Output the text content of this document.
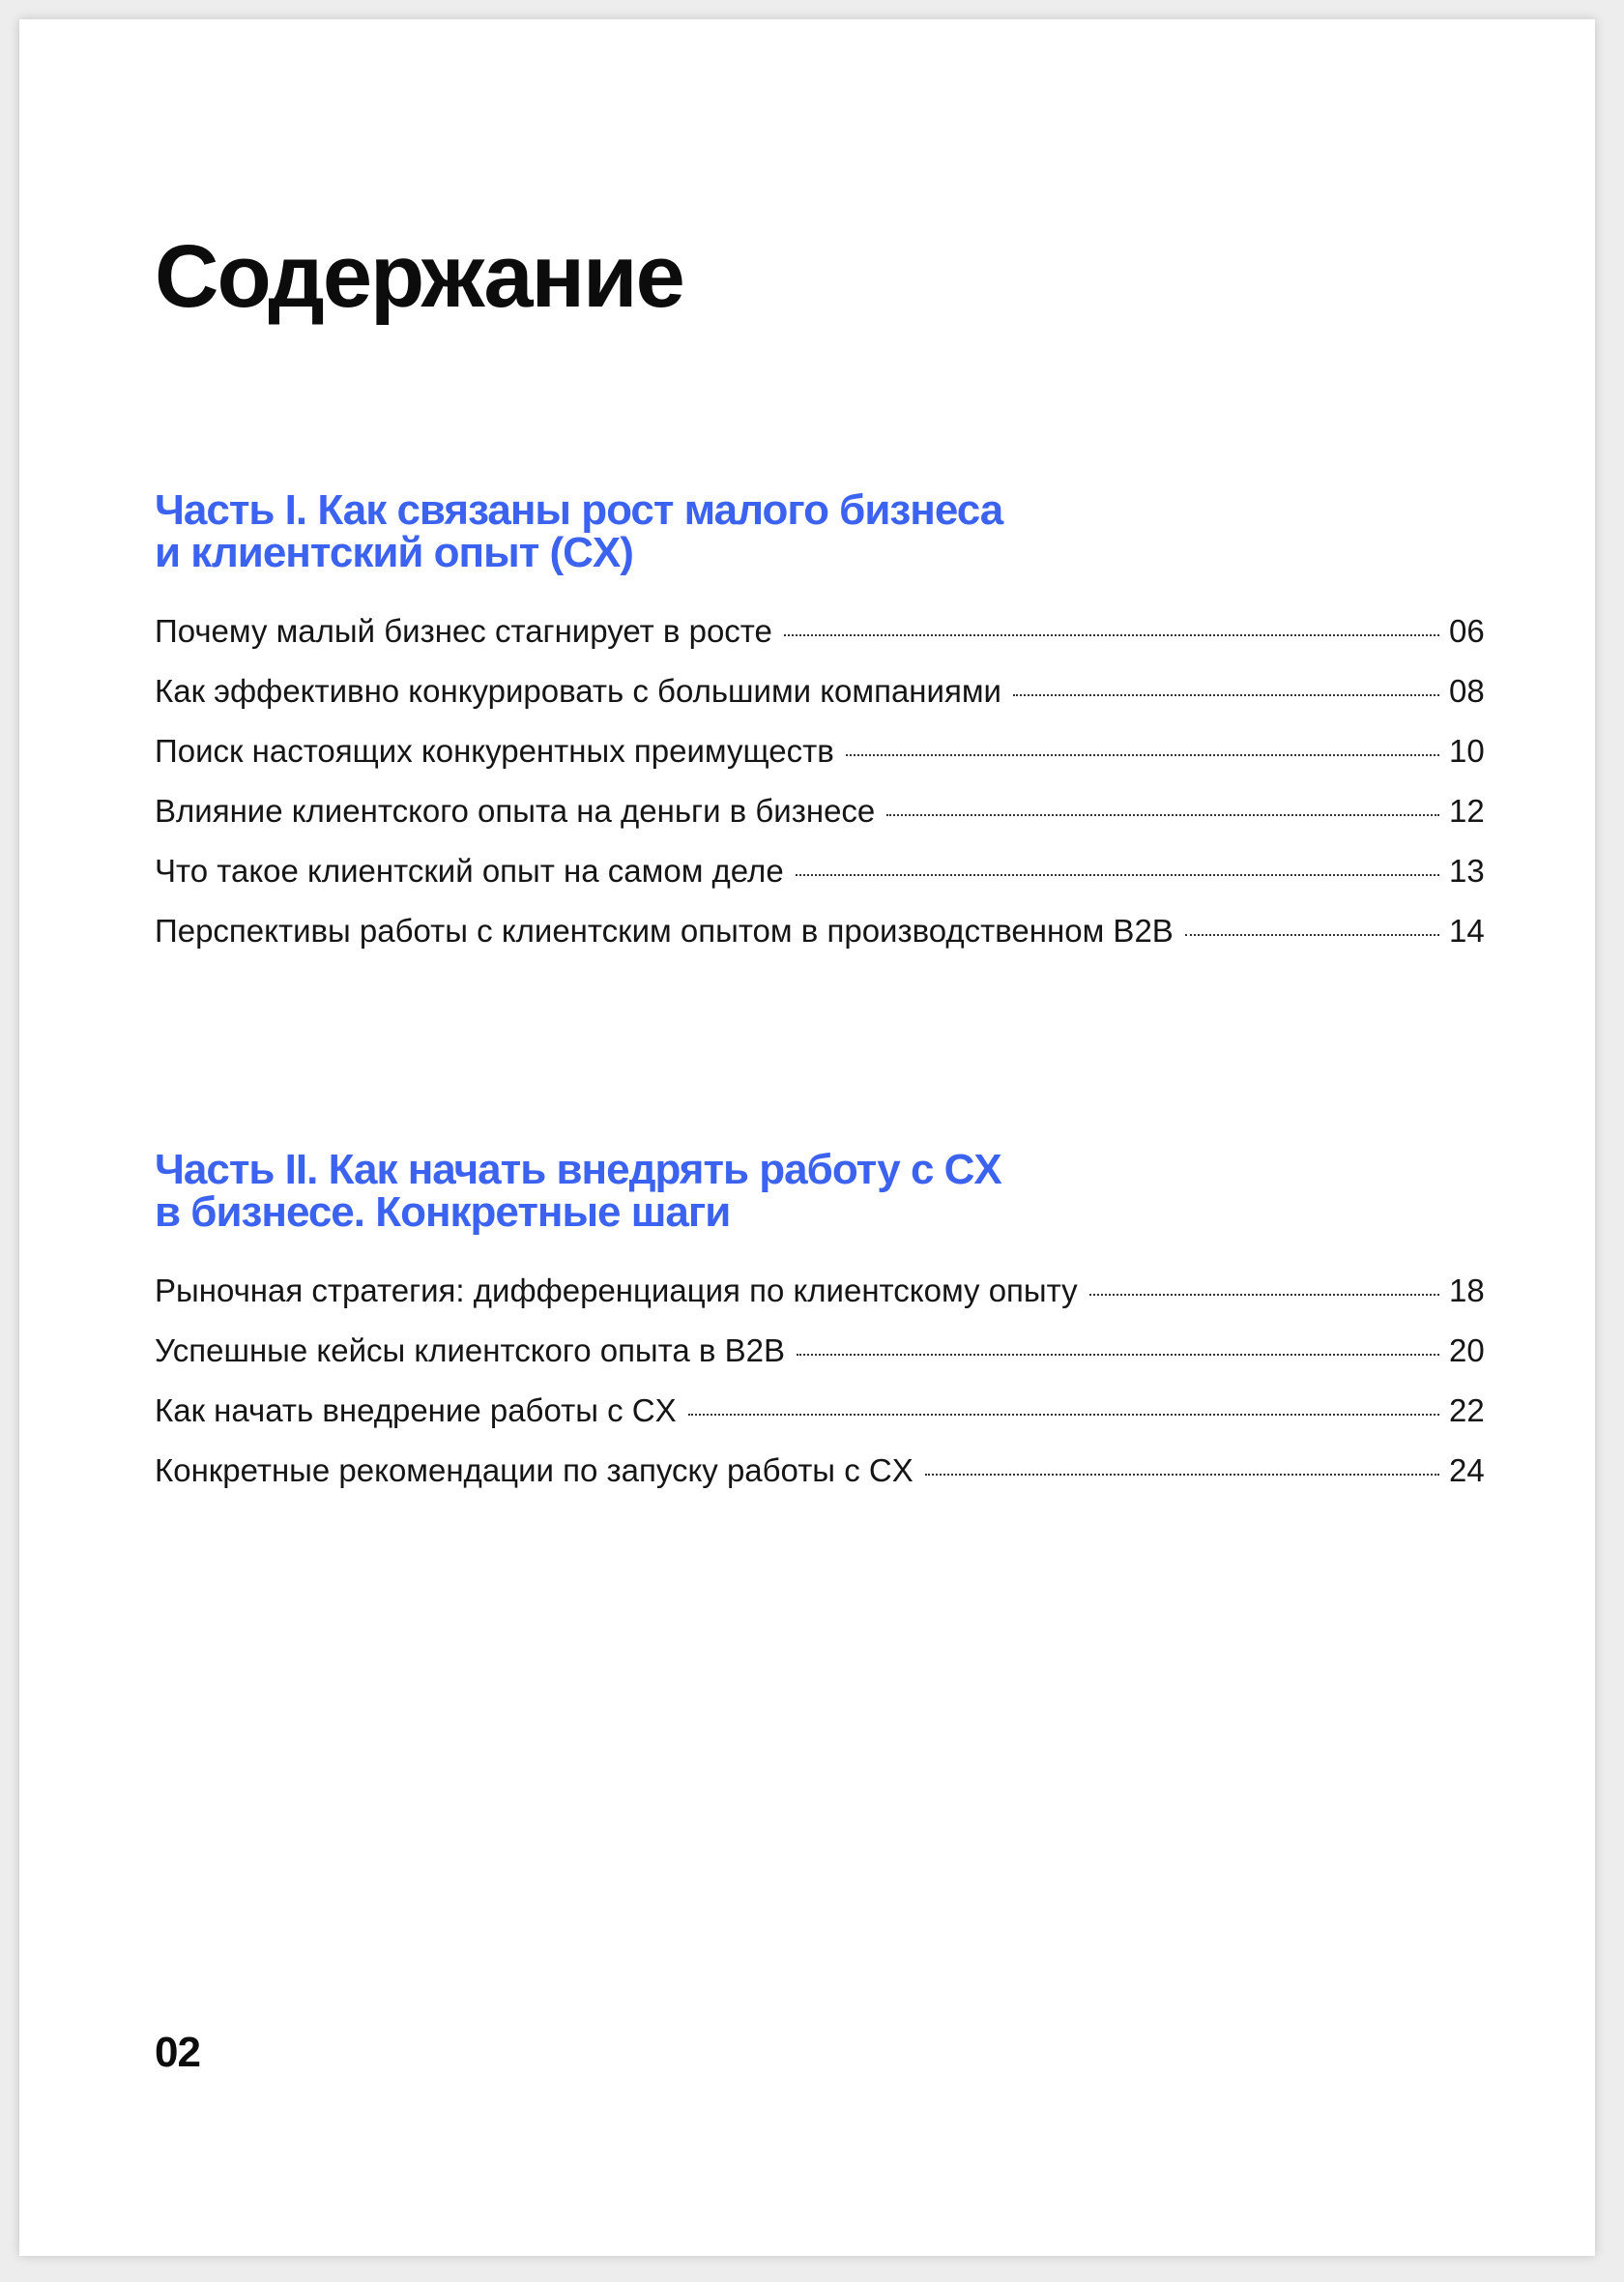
Содержание
Часть I. Как связаны рост малого бизнеса
и клиентский опыт (CX)
Почему малый бизнес стагнирует в росте	06
Как эффективно конкурировать с большими компаниями	08
Поиск настоящих конкурентных преимуществ	10
Влияние клиентского опыта на деньги в бизнесе	12
Что такое клиентский опыт на самом деле	13
Перспективы работы с клиентским опытом в производственном B2B	14
Часть II. Как начать внедрять работу с CX
в бизнесе. Конкретные шаги
Рыночная стратегия: дифференциация по клиентскому опыту	18
Успешные кейсы клиентского опыта в B2B	20
Как начать внедрение работы с CX	22
Конкретные рекомендации по запуску работы с CX	24

02
